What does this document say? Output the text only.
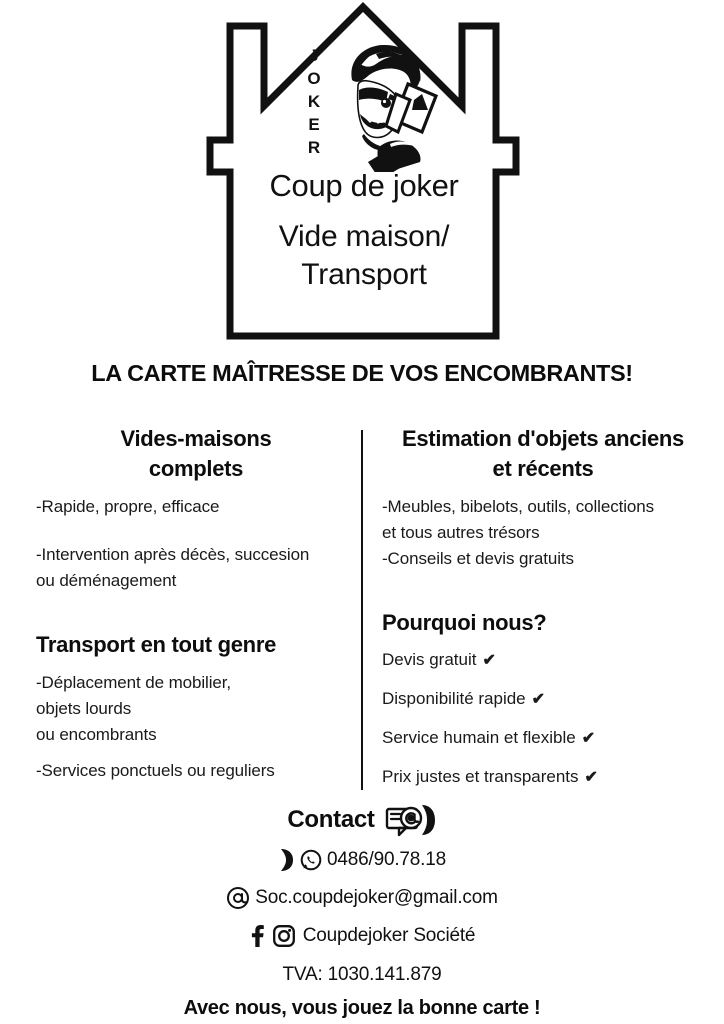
J
O
K
E
R
Coup de joker
Vide maison/
Transport
LA CARTE MAÎTRESSE DE VOS ENCOMBRANTS!
Vides-maisons
complets
-Rapide, propre, efficace
-Intervention après décès, succesion
ou déménagement
Transport en tout genre
-Déplacement de mobilier,
objets lourds
ou encombrants
-Services ponctuels ou reguliers
Estimation d'objets anciens
et récents
-Meubles, bibelots, outils, collections
et tous autres trésors
-Conseils et devis gratuits
Pourquoi nous?
Devis gratuit ✔
Disponibilité rapide ✔
Service humain et flexible ✔
Prix justes et transparents ✔
Contact
0486/90.78.18
Soc.coupdejoker@gmail.com
Coupdejoker Société
TVA: 1030.141.879
Avec nous, vous jouez la bonne carte !
